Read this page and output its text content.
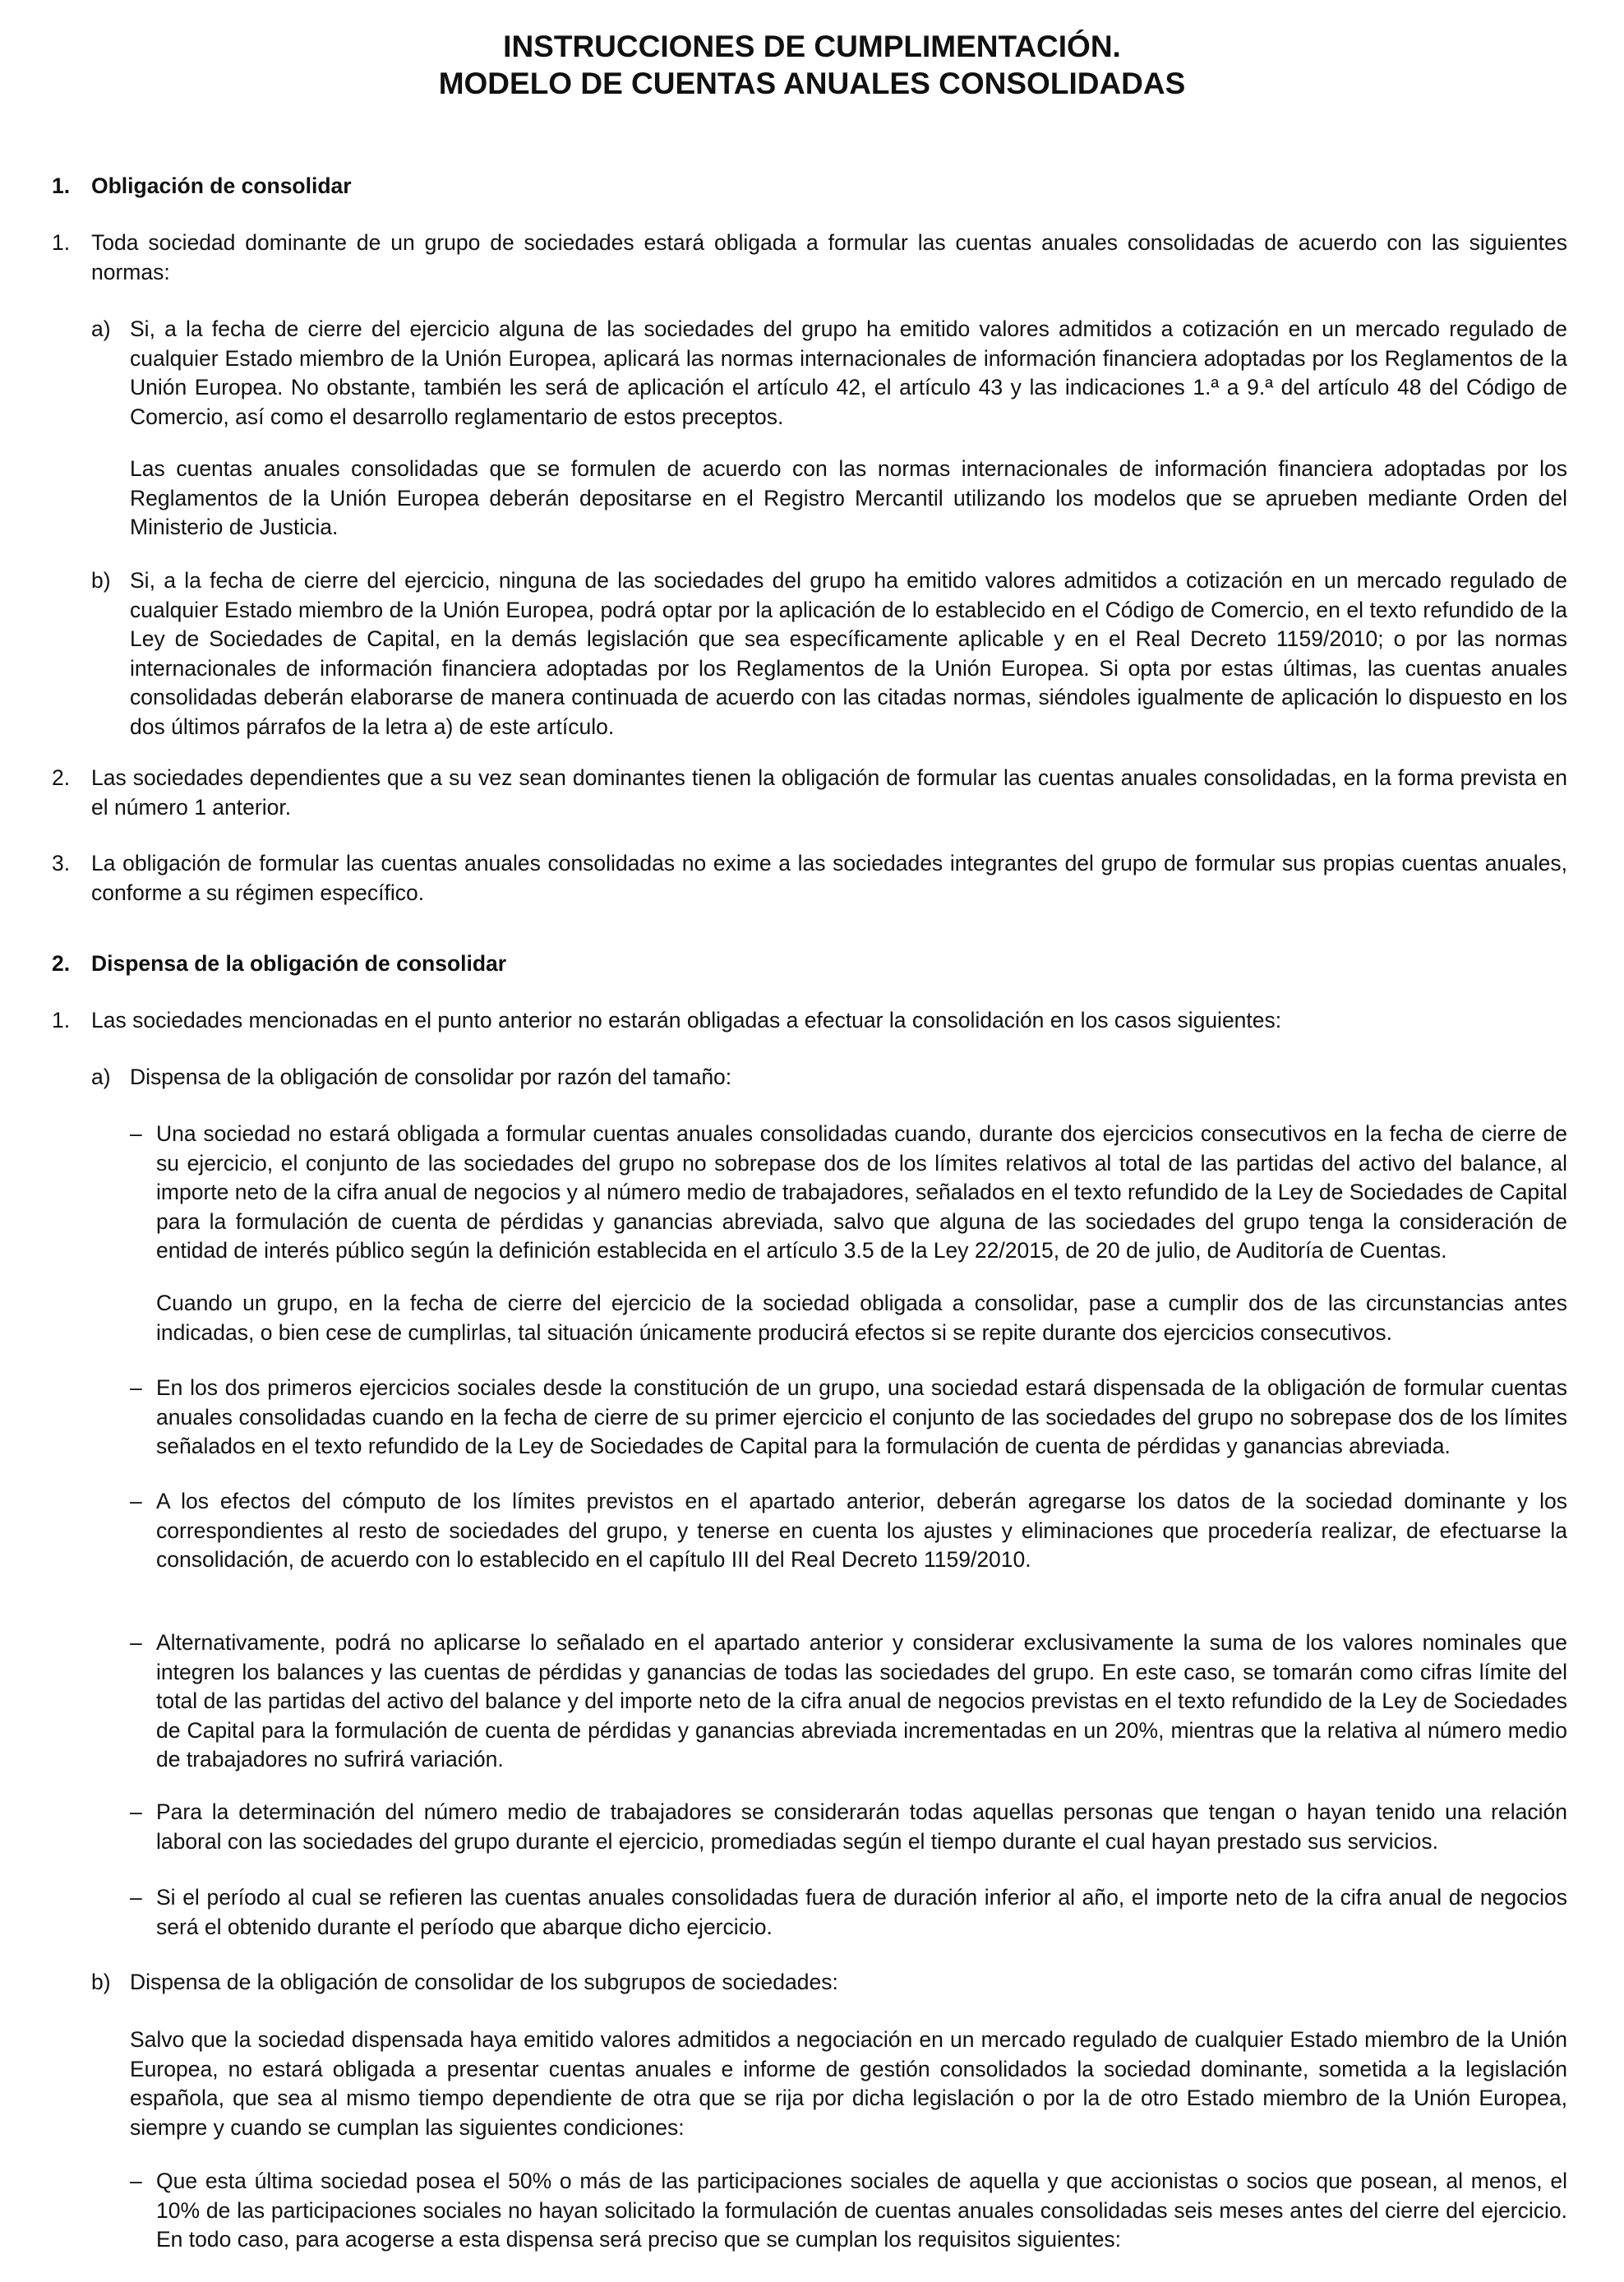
INSTRUCCIONES DE CUMPLIMENTACIÓN.
MODELO DE CUENTAS ANUALES CONSOLIDADAS
1. Obligación de consolidar
1. Toda sociedad dominante de un grupo de sociedades estará obligada a formular las cuentas anuales consolidadas de acuerdo con las siguientes normas:
a) Si, a la fecha de cierre del ejercicio alguna de las sociedades del grupo ha emitido valores admitidos a cotización en un mercado regulado de cualquier Estado miembro de la Unión Europea, aplicará las normas internacionales de información financiera adoptadas por los Reglamentos de la Unión Europea. No obstante, también les será de aplicación el artículo 42, el artículo 43 y las indicaciones 1.ª a 9.ª del artículo 48 del Código de Comercio, así como el desarrollo reglamentario de estos preceptos.
Las cuentas anuales consolidadas que se formulen de acuerdo con las normas internacionales de información financiera adoptadas por los Reglamentos de la Unión Europea deberán depositarse en el Registro Mercantil utilizando los modelos que se aprueben mediante Orden del Ministerio de Justicia.
b) Si, a la fecha de cierre del ejercicio, ninguna de las sociedades del grupo ha emitido valores admitidos a cotización en un mercado regulado de cualquier Estado miembro de la Unión Europea, podrá optar por la aplicación de lo establecido en el Código de Comercio, en el texto refundido de la Ley de Sociedades de Capital, en la demás legislación que sea específicamente aplicable y en el Real Decreto 1159/2010; o por las normas internacionales de información financiera adoptadas por los Reglamentos de la Unión Europea. Si opta por estas últimas, las cuentas anuales consolidadas deberán elaborarse de manera continuada de acuerdo con las citadas normas, siéndoles igualmente de aplicación lo dispuesto en los dos últimos párrafos de la letra a) de este artículo.
2. Las sociedades dependientes que a su vez sean dominantes tienen la obligación de formular las cuentas anuales consolidadas, en la forma prevista en el número 1 anterior.
3. La obligación de formular las cuentas anuales consolidadas no exime a las sociedades integrantes del grupo de formular sus propias cuentas anuales, conforme a su régimen específico.
2. Dispensa de la obligación de consolidar
1. Las sociedades mencionadas en el punto anterior no estarán obligadas a efectuar la consolidación en los casos siguientes:
a) Dispensa de la obligación de consolidar por razón del tamaño:
– Una sociedad no estará obligada a formular cuentas anuales consolidadas cuando, durante dos ejercicios consecutivos en la fecha de cierre de su ejercicio, el conjunto de las sociedades del grupo no sobrepase dos de los límites relativos al total de las partidas del activo del balance, al importe neto de la cifra anual de negocios y al número medio de trabajadores, señalados en el texto refundido de la Ley de Sociedades de Capital para la formulación de cuenta de pérdidas y ganancias abreviada, salvo que alguna de las sociedades del grupo tenga la consideración de entidad de interés público según la definición establecida en el artículo 3.5 de la Ley 22/2015, de 20 de julio, de Auditoría de Cuentas.
Cuando un grupo, en la fecha de cierre del ejercicio de la sociedad obligada a consolidar, pase a cumplir dos de las circunstancias antes indicadas, o bien cese de cumplirlas, tal situación únicamente producirá efectos si se repite durante dos ejercicios consecutivos.
– En los dos primeros ejercicios sociales desde la constitución de un grupo, una sociedad estará dispensada de la obligación de formular cuentas anuales consolidadas cuando en la fecha de cierre de su primer ejercicio el conjunto de las sociedades del grupo no sobrepase dos de los límites señalados en el texto refundido de la Ley de Sociedades de Capital para la formulación de cuenta de pérdidas y ganancias abreviada.
– A los efectos del cómputo de los límites previstos en el apartado anterior, deberán agregarse los datos de la sociedad dominante y los correspondientes al resto de sociedades del grupo, y tenerse en cuenta los ajustes y eliminaciones que procedería realizar, de efectuarse la consolidación, de acuerdo con lo establecido en el capítulo III del Real Decreto 1159/2010.
– Alternativamente, podrá no aplicarse lo señalado en el apartado anterior y considerar exclusivamente la suma de los valores nominales que integren los balances y las cuentas de pérdidas y ganancias de todas las sociedades del grupo. En este caso, se tomarán como cifras límite del total de las partidas del activo del balance y del importe neto de la cifra anual de negocios previstas en el texto refundido de la Ley de Sociedades de Capital para la formulación de cuenta de pérdidas y ganancias abreviada incrementadas en un 20%, mientras que la relativa al número medio de trabajadores no sufrirá variación.
– Para la determinación del número medio de trabajadores se considerarán todas aquellas personas que tengan o hayan tenido una relación laboral con las sociedades del grupo durante el ejercicio, promediadas según el tiempo durante el cual hayan prestado sus servicios.
– Si el período al cual se refieren las cuentas anuales consolidadas fuera de duración inferior al año, el importe neto de la cifra anual de negocios será el obtenido durante el período que abarque dicho ejercicio.
b) Dispensa de la obligación de consolidar de los subgrupos de sociedades:
Salvo que la sociedad dispensada haya emitido valores admitidos a negociación en un mercado regulado de cualquier Estado miembro de la Unión Europea, no estará obligada a presentar cuentas anuales e informe de gestión consolidados la sociedad dominante, sometida a la legislación española, que sea al mismo tiempo dependiente de otra que se rija por dicha legislación o por la de otro Estado miembro de la Unión Europea, siempre y cuando se cumplan las siguientes condiciones:
– Que esta última sociedad posea el 50% o más de las participaciones sociales de aquella y que accionistas o socios que posean, al menos, el 10% de las participaciones sociales no hayan solicitado la formulación de cuentas anuales consolidadas seis meses antes del cierre del ejercicio. En todo caso, para acogerse a esta dispensa será preciso que se cumplan los requisitos siguientes:
